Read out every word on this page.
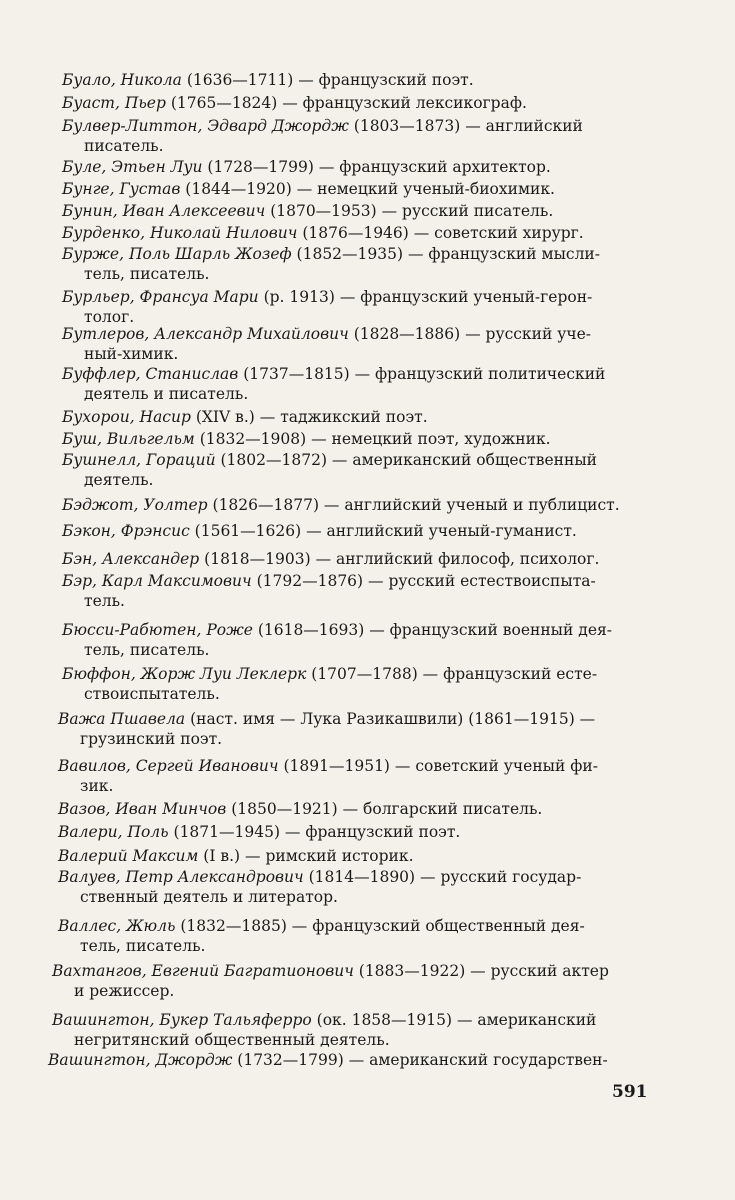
Буало, Никола (1636—1711) — французский поэт.
Буаст, Пьер (1765—1824) — французский лексикограф.
Булвер-Литтон, Эдвард Джордж (1803—1873) — английский
писатель.
Буле, Этьен Луи (1728—1799) — французский архитектор.
Бунге, Густав (1844—1920) — немецкий ученый-биохимик.
Бунин, Иван Алексеевич (1870—1953) — русский писатель.
Бурденко, Николай Нилович (1876—1946) — советский хирург.
Бурже, Поль Шарль Жозеф (1852—1935) — французский мысли-
тель, писатель.
Бурльер, Франсуа Мари (р. 1913) — французский ученый-герон-
толог.
Бутлеров, Александр Михайлович (1828—1886) — русский уче-
ный-химик.
Буффлер, Станислав (1737—1815) — французский политический
деятель и писатель.
Бухорои, Насир (XIV в.) — таджикский поэт.
Буш, Вильгельм (1832—1908) — немецкий поэт, художник.
Бушнелл, Гораций (1802—1872) — американский общественный
деятель.
Бэджот, Уолтер (1826—1877) — английский ученый и публицист.
Бэкон, Фрэнсис (1561—1626) — английский ученый-гуманист.
Бэн, Александер (1818—1903) — английский философ, психолог.
Бэр, Карл Максимович (1792—1876) — русский естествоиспыта-
тель.
Бюсси-Рабютен, Роже (1618—1693) — французский военный дея-
тель, писатель.
Бюффон, Жорж Луи Леклерк (1707—1788) — французский есте-
ствоиспытатель.
Важа Пшавела (наст. имя — Лука Разикашвили) (1861—1915) —
грузинский поэт.
Вавилов, Сергей Иванович (1891—1951) — советский ученый фи-
зик.
Вазов, Иван Минчов (1850—1921) — болгарский писатель.
Валери, Поль (1871—1945) — французский поэт.
Валерий Максим (I в.) — римский историк.
Валуев, Петр Александрович (1814—1890) — русский государ-
ственный деятель и литератор.
Валлес, Жюль (1832—1885) — французский общественный дея-
тель, писатель.
Вахтангов, Евгений Багратионович (1883—1922) — русский актер
и режиссер.
Вашингтон, Букер Тальяферро (ок. 1858—1915) — американский
негритянский общественный деятель.
Вашингтон, Джордж (1732—1799) — американский государствен-
591
